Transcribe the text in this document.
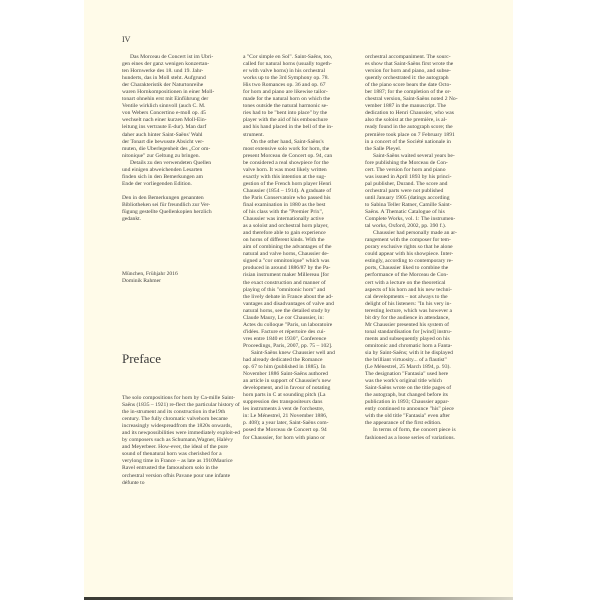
IV
Das Morceau de Concert ist im Übri-
gen eines der ganz wenigen konzertan-
ten Hornwerke des 18. und 19. Jahr-
hunderts, das in Moll steht. Aufgrund
der Charakteristik der Naturtonreihe
waren Hornkompositionen in einer Moll-
tonart ohnehin erst mit Einführung der
Ventile wirklich sinnvoll (auch C. M.
von Webers Concertino e-moll op. 45
wechselt nach einer kurzen Moll-Ein-
leitung ins vertraute E-dur). Man darf
daher auch hinter Saint-Saëns' Wahl
der Tonart die bewusste Absicht ver-
muten, die Überlegenheit des „Cor om-
nitonique" zur Geltung zu bringen.
Details zu den verwendeten Quellen
und einigen abweichenden Lesarten
finden sich in den Bemerkungen am
Ende der vorliegenden Edition.
Den in den Bemerkungen genannten
Bibliotheken sei für freundlich zur Ver-
fügung gestellte Quellenkopien herzlich
gedankt.
München, Frühjahr 2016
Dominik Rahmer
Preface
The solo compositions for horn by Ca-mille Saint-Saëns (1835 – 1921) re-flect the particular history of the in-strument and its construction in the19th century. The fully chromatic valvehorn became increasingly widespreadfrom the 1820s onwards, and its newpossibilities were immediately exploit-ed by composers such as Schumann,Wagner, Halévy and Meyerbeer. How-ever, the ideal of the pure sound of thenatural horn was cherished for a verylong time in France – as late as 1910Maurice Ravel entrusted the famoushorn solo in the orchestral version ofhis Pavane pour une infante défunte to
a "Cor simple en Sol". Saint-Saëns, too,
called for natural horns (usually togeth-
er with valve horns) in his orchestral
works up to the 3rd Symphony op. 78.
His two Romances op. 36 and op. 67
for horn and piano are likewise tailor-
made for the natural horn on which the
tones outside the natural harmonic se-
ries had to be "bent into place" by the
player with the aid of his embouchure
and his hand placed in the bell of the in-
strument.
On the other hand, Saint-Saëns's
most extensive solo work for horn, the
present Morceau de Concert op. 94, can
be considered a real showpiece for the
valve horn. It was most likely written
exactly with this intention at the sug-
gestion of the French horn player Henri
Chaussier (1854 – 1914). A graduate of
the Paris Conservatoire who passed his
final examination in 1880 as the best
of his class with the "Premier Prix",
Chaussier was internationally active
as a soloist and orchestral horn player,
and therefore able to gain experience
on horns of different kinds. With the
aim of combining the advantages of the
natural and valve horns, Chaussier de-
signed a "cor omnitonique" which was
produced in around 1886/87 by the Pa-
risian instrument maker Millereau [for
the exact construction and manner of
playing of this "omnitonic horn" and
the lively debate in France about the ad-
vantages and disadvantages of valve and
natural horns, see the detailed study by
Claude Maury, Le cor Chaussier, in:
Actes du colloque "Paris, un laboratoire
d'idées. Facture et répertoire des cui-
vres entre 1840 et 1930", Conference
Proceedings, Paris, 2007, pp. 75 – 102].
Saint-Saëns knew Chaussier well and
had already dedicated the Romance
op. 67 to him (published in 1885). In
November 1886 Saint-Saëns authored
an article in support of Chaussier's new
development, and in favour of notating
horn parts in C at sounding pitch (La
suppression des transpositeurs dans
les instruments à vent de l'orchestre,
in: Le Ménestrel, 21 November 1886,
p. 408); a year later, Saint-Saëns com-
posed the Morceau de Concert op. 94
for Chaussier, for horn with piano or
orchestral accompaniment. The sourc-
es show that Saint-Saëns first wrote the
version for horn and piano, and subse-
quently orchestrated it: the autograph
of the piano score bears the date Octo-
ber 1887; for the completion of the or-
chestral version, Saint-Saëns noted 2 No-
vember 1887 in the manuscript. The
dedication to Henri Chaussier, who was
also the soloist at the première, is al-
ready found in the autograph score; the
première took place on 7 February 1891
in a concert of the Société nationale in
the Salle Pleyel.
Saint-Saëns waited several years be-
fore publishing the Morceau de Con-
cert. The version for horn and piano
was issued in April 1893 by his princi-
pal publisher, Durand. The score and
orchestral parts were not published
until January 1905 (datings according
to Sabina Teller Ratner, Camille Saint-
Saëns. A Thematic Catalogue of his
Complete Works, vol. 1: The instrumen-
tal works, Oxford, 2002, pp. 390 f.).
Chaussier had personally made an ar-
rangement with the composer for tem-
porary exclusive rights so that he alone
could appear with his showpiece. Inter-
estingly, according to contemporary re-
ports, Chaussier liked to combine the
performance of the Morceau de Con-
cert with a lecture on the theoretical
aspects of his horn and his new techni-
cal developments – not always to the
delight of his listeners: "In his very in-
teresting lecture, which was however a
bit dry for the audience in attendance,
Mr Chaussier presented his system of
tonal standardisation for [wind] instru-
ments and subsequently played on his
omnitonic and chromatic horn a Fanta-
sia by Saint-Saëns; with it he displayed
the brilliant virtuosity... of a flautist"
(Le Ménestrel, 25 March 1894, p. 93).
The designation "Fantasia" used here
was the work's original title which
Saint-Saëns wrote on the title pages of
the autograph, but changed before its
publication in 1893; Chaussier appar-
ently continued to announce "his" piece
with the old title "Fantasia" even after
the appearance of the first edition.
In terms of form, the concert piece is
fashioned as a loose series of variations.
